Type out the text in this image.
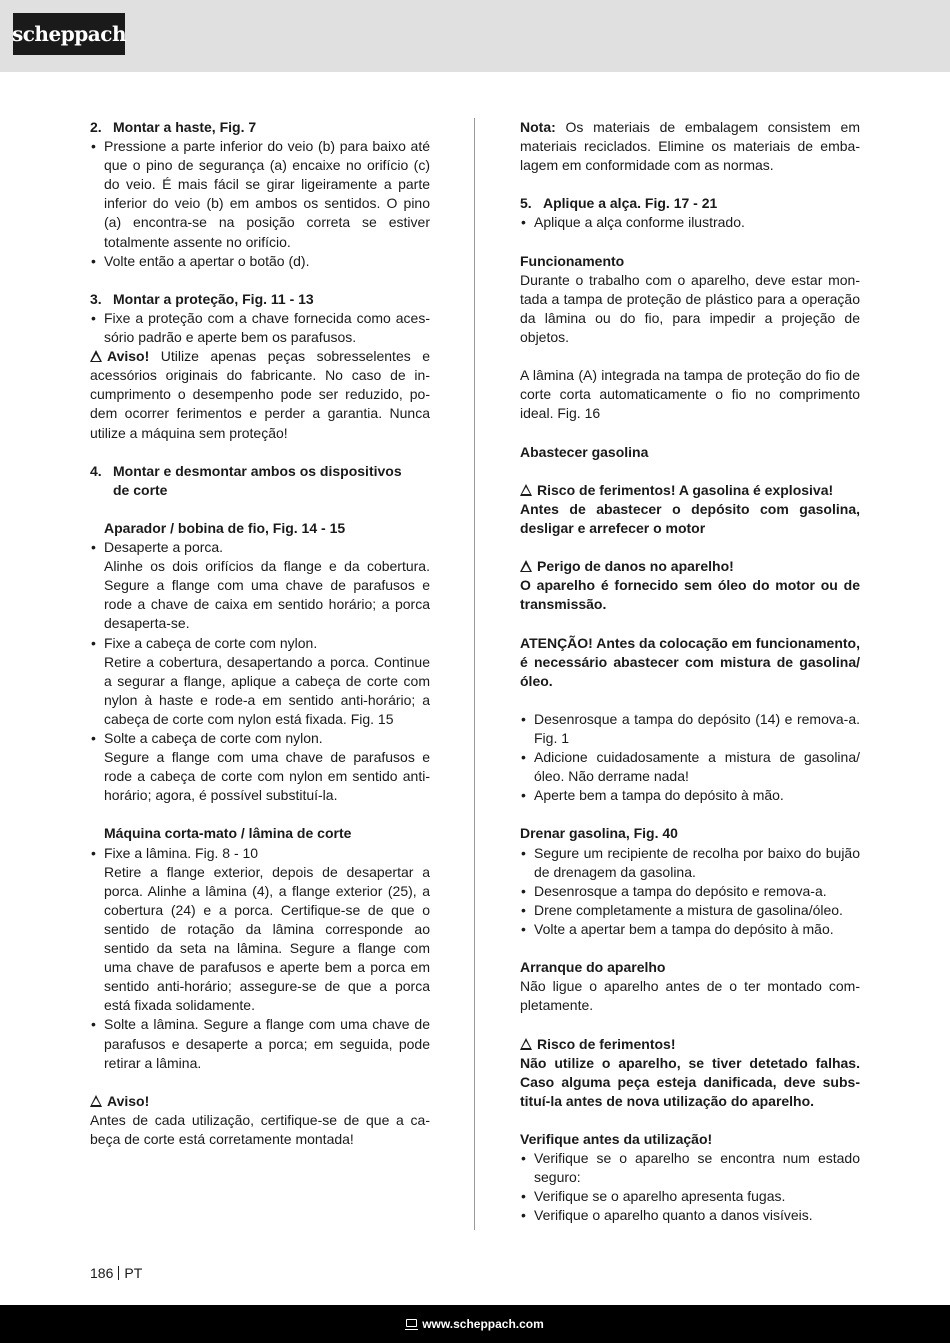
scheppach

2. Montar a haste, Fig. 7

• Pressione a parte inferior do veio (b) para baixo até que o pino de segurança (a) encaixe no orifício (c) do veio. É mais fácil se girar ligeiramente a parte inferior do veio (b) em ambos os sentidos. O pino (a) encontra-se na posição correta se estiver totalmente assente no orifício.

• Volte então a apertar o botão (d).

3. Montar a proteção, Fig. 11 - 13

• Fixe a proteção com a chave fornecida como acessório padrão e aperte bem os parafusos.

Aviso! Utilize apenas peças sobresselentes e acessórios originais do fabricante. No caso de incumprimento o desempenho pode ser reduzido, podem ocorrer ferimentos e perder a garantia. Nunca utilize a máquina sem proteção!

4. Montar e desmontar ambos os dispositivos

de corte

Aparador / bobina de fio, Fig. 14 - 15

• Desaperte a porca.

Alinhe os dois orifícios da flange e da cobertura. Segure a flange com uma chave de parafusos e rode a chave de caixa em sentido horário; a porca desaperta-se.

• Fixe a cabeça de corte com nylon.

Retire a cobertura, desapertando a porca. Continue a segurar a flange, aplique a cabeça de corte com nylon à haste e rode-a em sentido anti-horário; a cabeça de corte com nylon está fixada. Fig. 15

• Solte a cabeça de corte com nylon.

Segure a flange com uma chave de parafusos e rode a cabeça de corte com nylon em sentido anti-horário; agora, é possível substituí-la.

Máquina corta-mato / lâmina de corte

• Fixe a lâmina. Fig. 8 - 10

Retire a flange exterior, depois de desapertar a porca. Alinhe a lâmina (4), a flange exterior (25), a cobertura (24) e a porca. Certifique-se de que o sentido de rotação da lâmina corresponde ao sentido da seta na lâmina. Segure a flange com uma chave de parafusos e aperte bem a porca em sentido anti-horário; assegure-se de que a porca está fixada solidamente.

• Solte a lâmina. Segure a flange com uma chave de parafusos e desaperte a porca; em seguida, pode retirar a lâmina.

Aviso!

Antes de cada utilização, certifique-se de que a cabeça de corte está corretamente montada!

Nota: Os materiais de embalagem consistem em materiais reciclados. Elimine os materiais de embalagem em conformidade com as normas.

5. Aplique a alça. Fig. 17 - 21

• Aplique a alça conforme ilustrado.

Funcionamento

Durante o trabalho com o aparelho, deve estar montada a tampa de proteção de plástico para a operação da lâmina ou do fio, para impedir a projeção de objetos.

A lâmina (A) integrada na tampa de proteção do fio de corte corta automaticamente o fio no comprimento ideal. Fig. 16

Abastecer gasolina

Risco de ferimentos! A gasolina é explosiva!

Antes de abastecer o depósito com gasolina, desligar e arrefecer o motor

Perigo de danos no aparelho!

O aparelho é fornecido sem óleo do motor ou de transmissão.

ATENÇÃO! Antes da colocação em funcionamento, é necessário abastecer com mistura de gasolina/óleo.

• Desenrosque a tampa do depósito (14) e remova-a. Fig. 1

• Adicione cuidadosamente a mistura de gasolina/ óleo. Não derrame nada!

• Aperte bem a tampa do depósito à mão.

Drenar gasolina, Fig. 40

• Segure um recipiente de recolha por baixo do bujão de drenagem da gasolina.

• Desenrosque a tampa do depósito e remova-a.

• Drene completamente a mistura de gasolina/óleo.

• Volte a apertar bem a tampa do depósito à mão.

Arranque do aparelho

Não ligue o aparelho antes de o ter montado completamente.

Risco de ferimentos!

Não utilize o aparelho, se tiver detetado falhas. Caso alguma peça esteja danificada, deve substituí-la antes de nova utilização do aparelho.

Verifique antes da utilização!

• Verifique se o aparelho se encontra num estado seguro:

• Verifique se o aparelho apresenta fugas.

• Verifique o aparelho quanto a danos visíveis.

186 PT
www.scheppach.com
